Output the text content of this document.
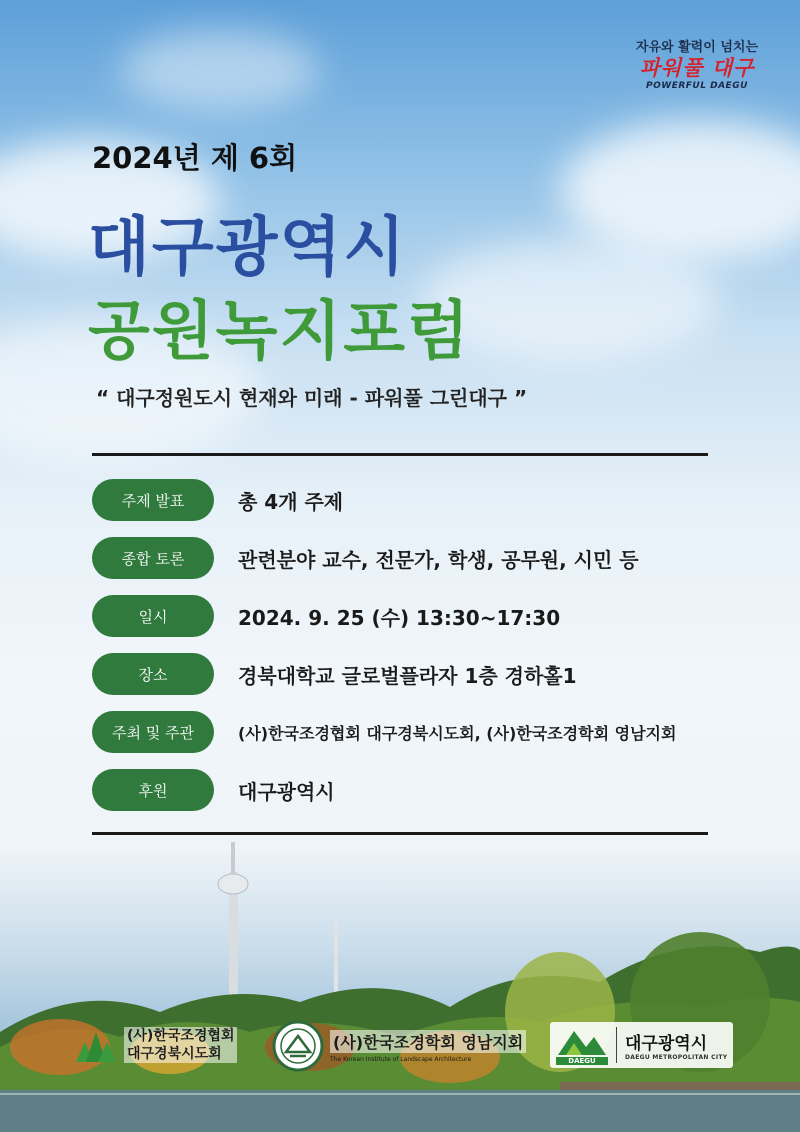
자유와 활력이 넘치는
파워풀 대구
POWERFUL DAEGU
2024년 제 6회
대구광역시
공원녹지포럼
“ 대구정원도시 현재와 미래 - 파워풀 그린대구 ”
주제 발표	총 4개 주제
종합 토론	관련분야 교수, 전문가, 학생, 공무원, 시민 등
일시	2024. 9. 25 (수) 13:30~17:30
장소	경북대학교 글로벌플라자 1층 경하홀1
주최 및 주관	(사)한국조경협회 대구경북시도회, (사)한국조경학회 영남지회
후원	대구광역시
(사)한국조경협회
대구경북시도회
(사)한국조경학회 영남지회
The Korean Institute of Landscape Architecture	DAEGU
대구광역시
DAEGU METROPOLITAN CITY
